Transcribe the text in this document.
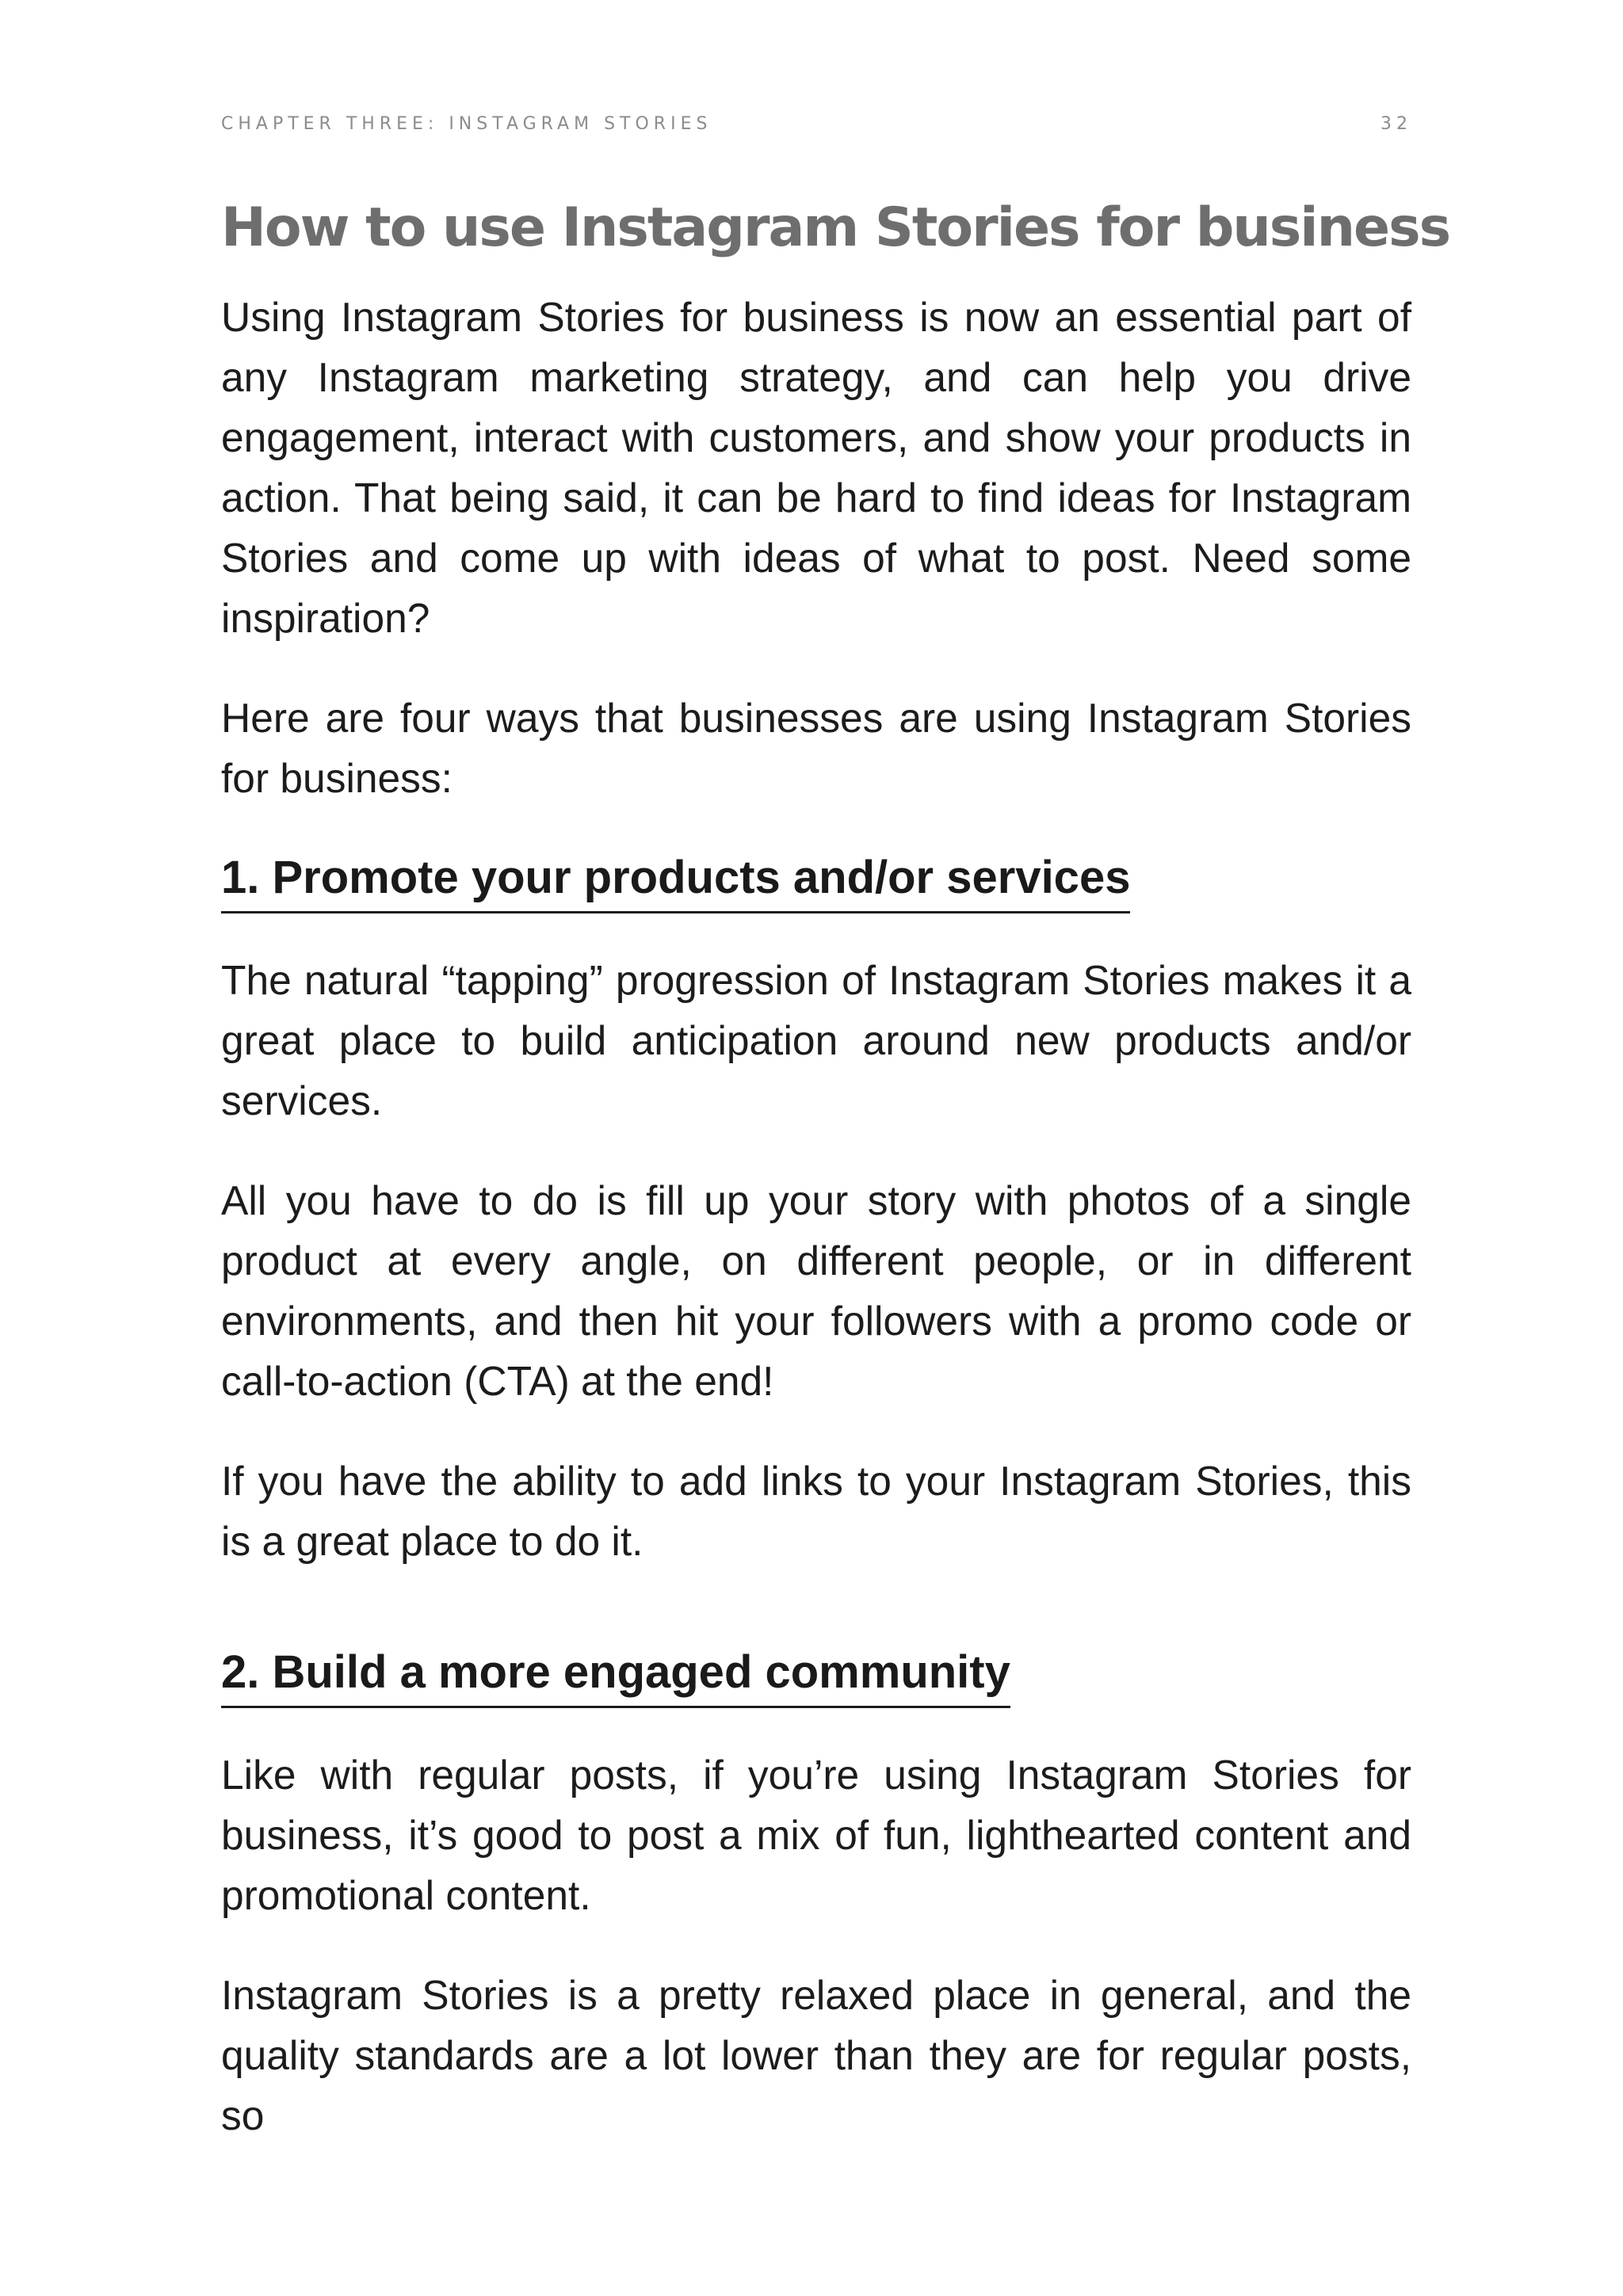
CHAPTER THREE: INSTAGRAM STORIES	32
How to use Instagram Stories for business

Using Instagram Stories for business is now an essential part of any Instagram marketing strategy, and can help you drive engagement, interact with customers, and show your products in action. That being said, it can be hard to find ideas for Instagram Stories and come up with ideas of what to post. Need some inspiration?

Here are four ways that businesses are using Instagram Stories for business:

1. Promote your products and/or services

The natural “tapping” progression of Instagram Stories makes it a great place to build anticipation around new products and/or services.

All you have to do is fill up your story with photos of a single product at every angle, on different people, or in different environments, and then hit your followers with a promo code or call-to-action (CTA) at the end!

If you have the ability to add links to your Instagram Stories, this is a great place to do it.

2. Build a more engaged community

Like with regular posts, if you’re using Instagram Stories for business, it’s good to post a mix of fun, lighthearted content and promotional content.

Instagram Stories is a pretty relaxed place in general, and the quality standards are a lot lower than they are for regular posts, so
